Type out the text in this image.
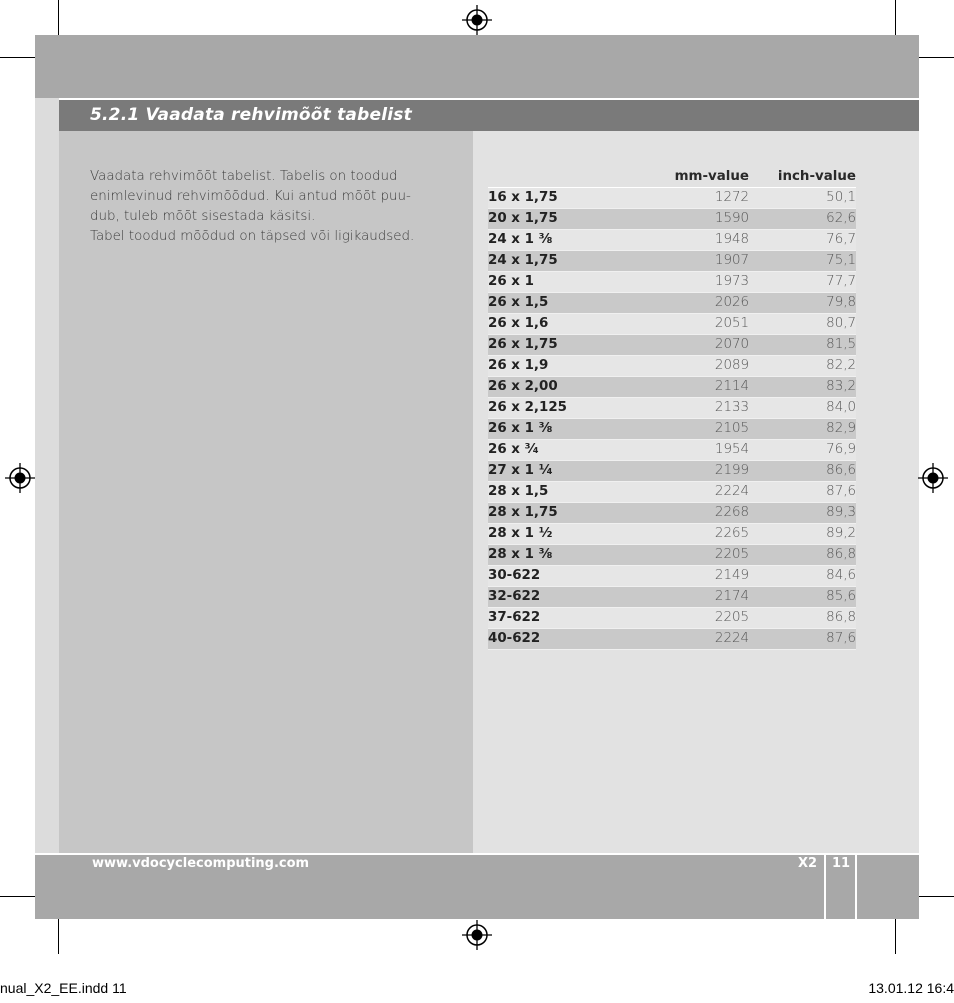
5.2.1 Vaadata rehvimõõt tabelist
Vaadata rehvimõõt tabelist. Tabelis on toodud
enimlevinud rehvimõõdud. Kui antud mõõt puu-
dub, tuleb mõõt sisestada käsitsi.
Tabel toodud mõõdud on täpsed või ligikaudsed.
	mm-value	inch-value
16 x 1,75	1272	50,1
20 x 1,75	1590	62,6
24 x 1 ³⁄₈	1948	76,7
24 x 1,75	1907	75,1
26 x 1	1973	77,7
26 x 1,5	2026	79,8
26 x 1,6	2051	80,7
26 x 1,75	2070	81,5
26 x 1,9	2089	82,2
26 x 2,00	2114	83,2
26 x 2,125	2133	84,0
26 x 1 ³⁄₈	2105	82,9
26 x ³⁄₄	1954	76,9
27 x 1 ¹⁄₄	2199	86,6
28 x 1,5	2224	87,6
28 x 1,75	2268	89,3
28 x 1 ¹⁄₂	2265	89,2
28 x 1 ³⁄₈	2205	86,8
30-622	2149	84,6
32-622	2174	85,6
37-622	2205	86,8
40-622	2224	87,6
www.vdocyclecomputing.com	X2 11
nual_X2_EE.indd 11	13.01.12 16:4
